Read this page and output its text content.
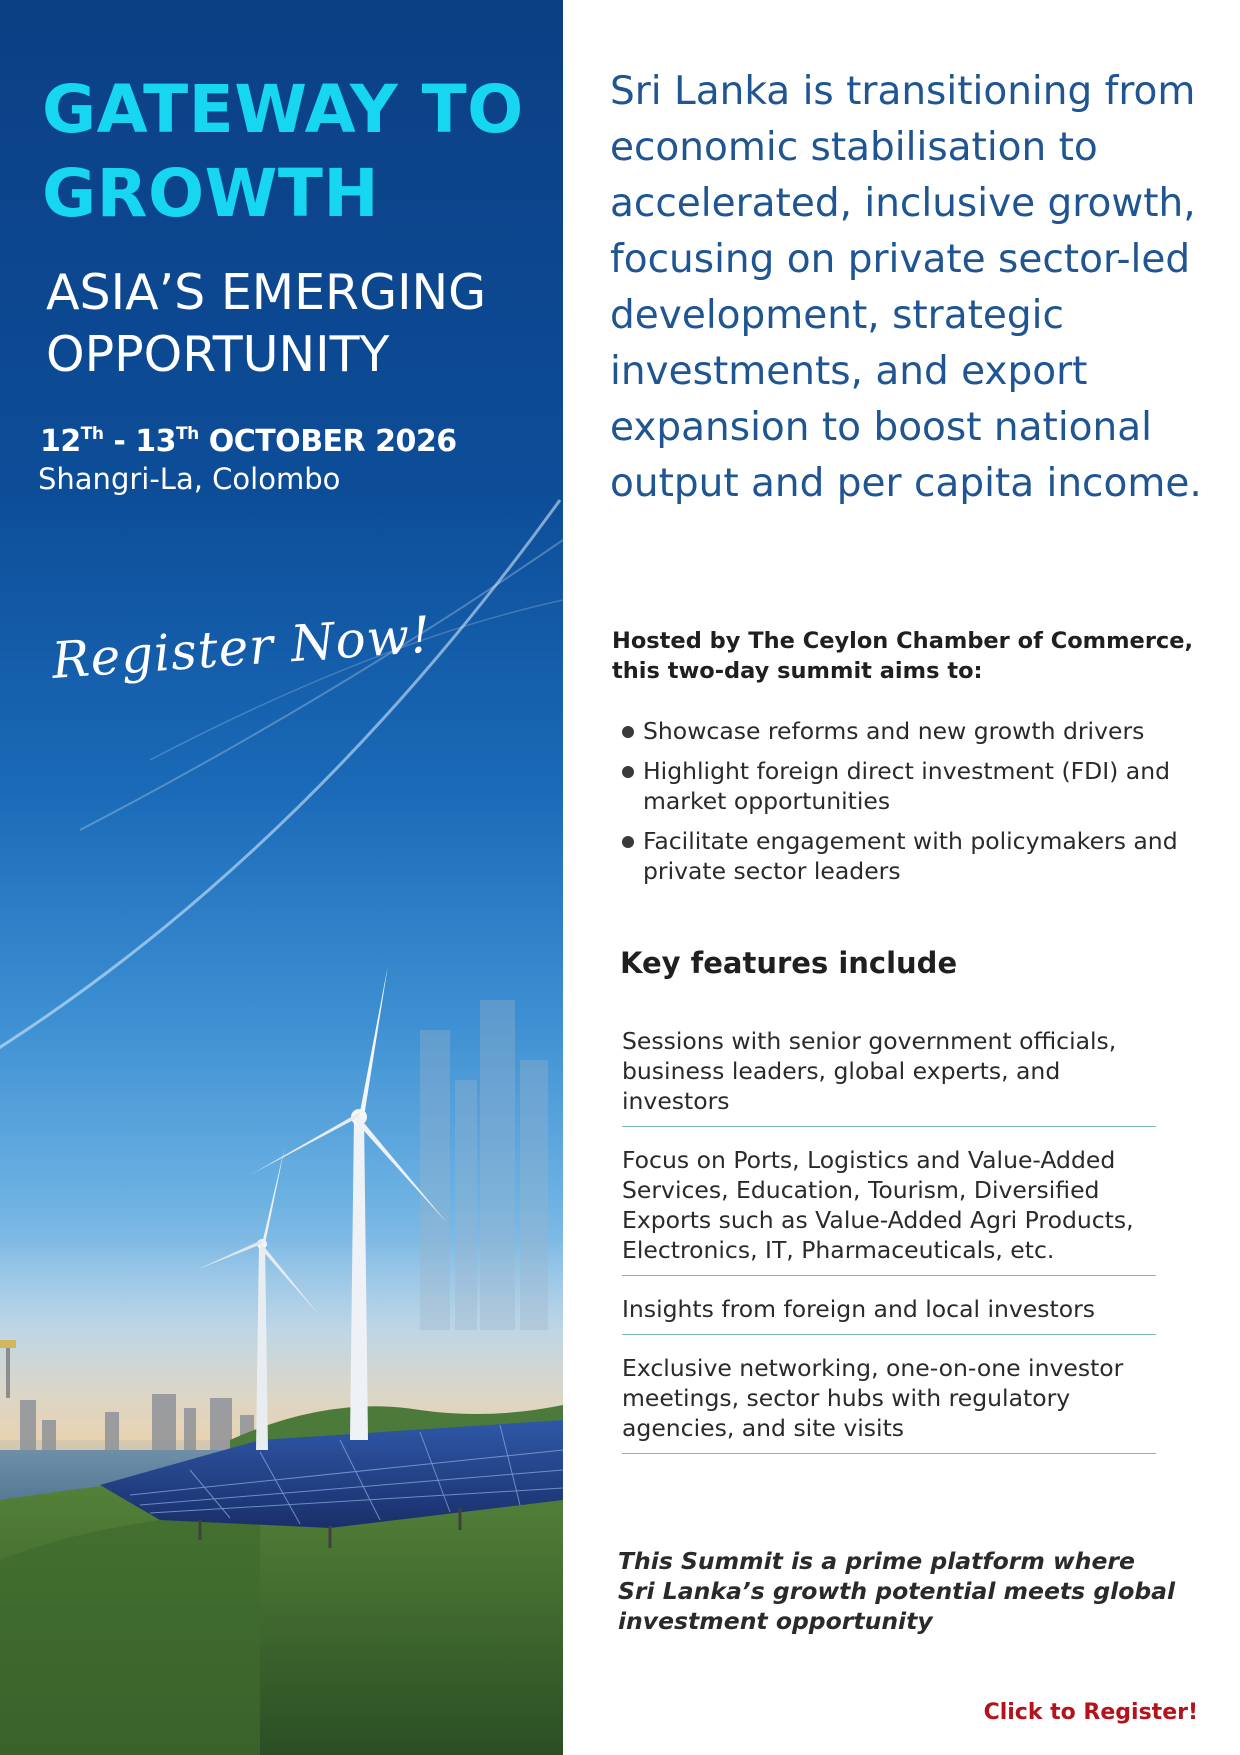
GATEWAY TO GROWTH
ASIA’S EMERGING OPPORTUNITY
12Th - 13Th OCTOBER 2026
Shangri-La, Colombo
Register Now!

Sri Lanka is transitioning from economic stabilisation to accelerated, inclusive growth, focusing on private sector-led development, strategic investments, and export expansion to boost national output and per capita income.

Hosted by The Ceylon Chamber of Commerce, this two-day summit aims to:

Showcase reforms and new growth drivers
Highlight foreign direct investment (FDI) and market opportunities
Facilitate engagement with policymakers and private sector leaders
Key features include
Sessions with senior government officials, business leaders, global experts, and investors
Focus on Ports, Logistics and Value-Added Services, Education, Tourism, Diversified Exports such as Value-Added Agri Products, Electronics, IT, Pharmaceuticals, etc.
Insights from foreign and local investors
Exclusive networking, one-on-one investor meetings, sector hubs with regulatory agencies, and site visits

This Summit is a prime platform where Sri Lanka’s growth potential meets global investment opportunity

Click to Register!
